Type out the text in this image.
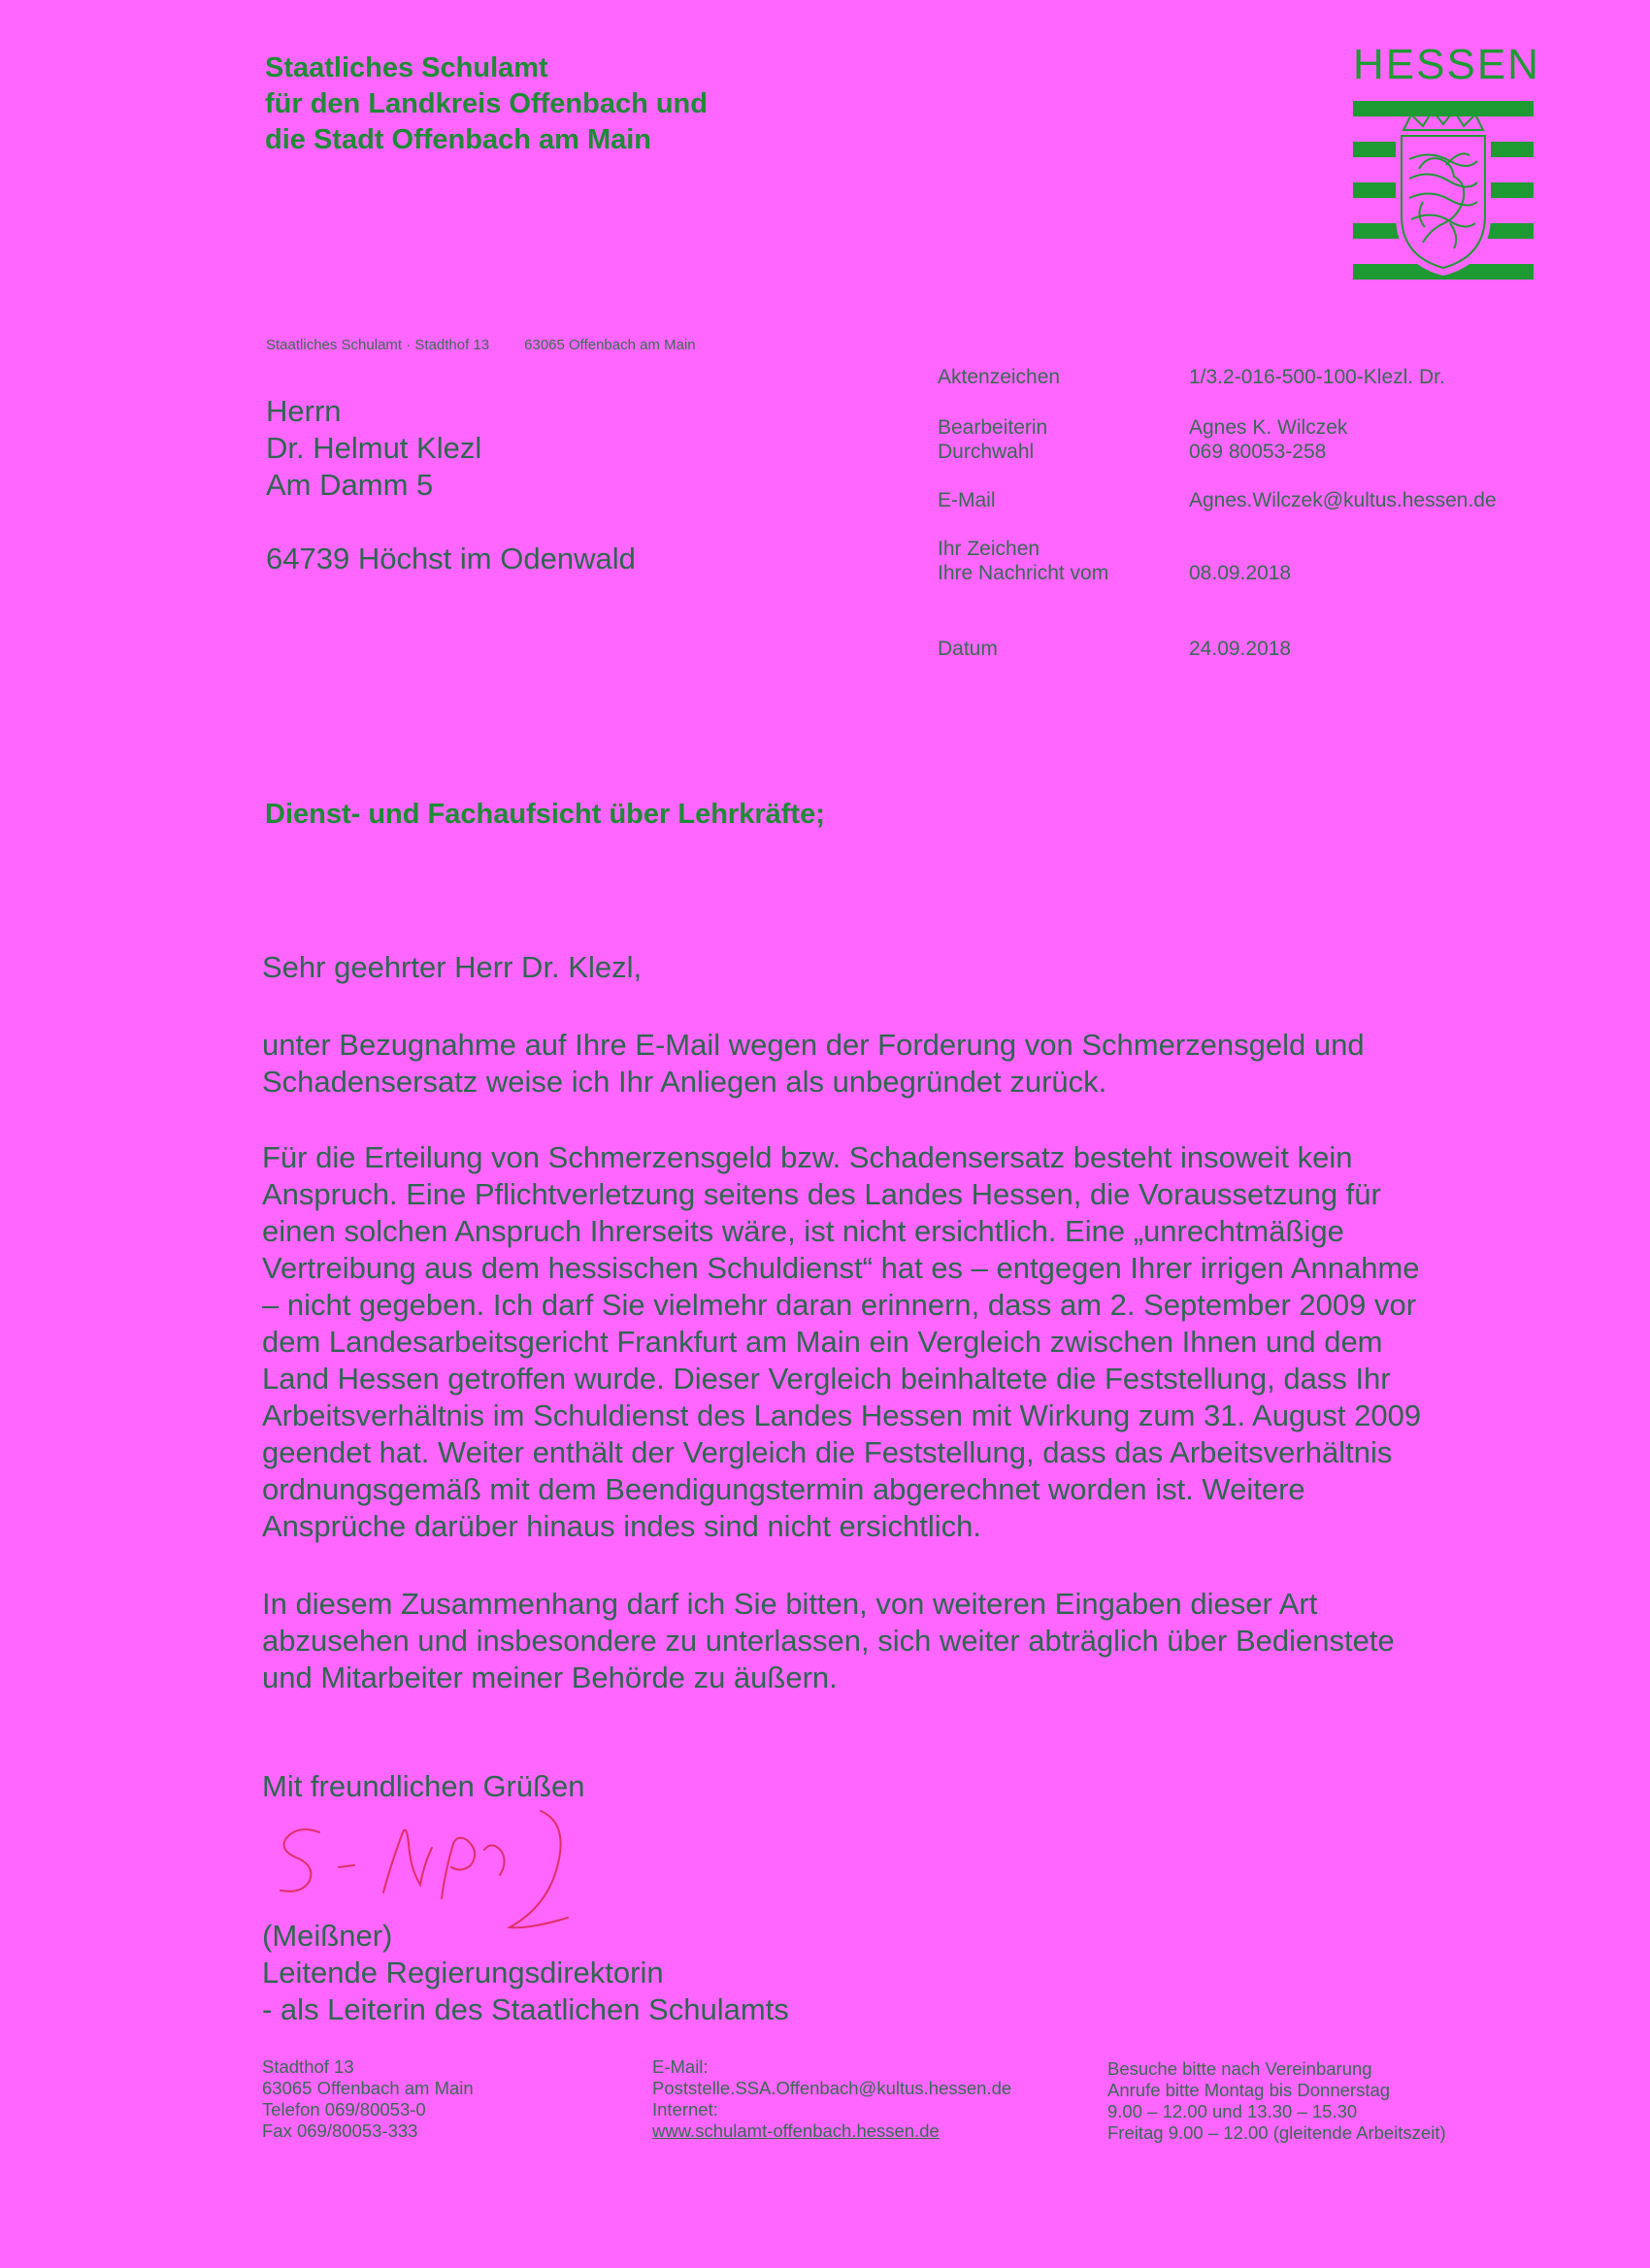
Staatliches Schulamt
für den Landkreis Offenbach und
die Stadt Offenbach am Main
HESSEN
Staatliches Schulamt · Stadthof 13 63065 Offenbach am Main
Herrn
Dr. Helmut Klezl
Am Damm 5
64739 Höchst im Odenwald
Aktenzeichen	1/3.2-016-500-100-Klezl. Dr.
Bearbeiterin	Agnes K. Wilczek
Durchwahl	069 80053-258
E-Mail	Agnes.Wilczek@kultus.hessen.de
Ihr Zeichen
Ihre Nachricht vom	08.09.2018
Datum	24.09.2018
Dienst- und Fachaufsicht über Lehrkräfte;
Sehr geehrter Herr Dr. Klezl,
unter Bezugnahme auf Ihre E-Mail wegen der Forderung von Schmerzensgeld und
Schadensersatz weise ich Ihr Anliegen als unbegründet zurück.
Für die Erteilung von Schmerzensgeld bzw. Schadensersatz besteht insoweit kein
Anspruch. Eine Pflichtverletzung seitens des Landes Hessen, die Voraussetzung für
einen solchen Anspruch Ihrerseits wäre, ist nicht ersichtlich. Eine „unrechtmäßige
Vertreibung aus dem hessischen Schuldienst“ hat es – entgegen Ihrer irrigen Annahme
– nicht gegeben. Ich darf Sie vielmehr daran erinnern, dass am 2. September 2009 vor
dem Landesarbeitsgericht Frankfurt am Main ein Vergleich zwischen Ihnen und dem
Land Hessen getroffen wurde. Dieser Vergleich beinhaltete die Feststellung, dass Ihr
Arbeitsverhältnis im Schuldienst des Landes Hessen mit Wirkung zum 31. August 2009
geendet hat. Weiter enthält der Vergleich die Feststellung, dass das Arbeitsverhältnis
ordnungsgemäß mit dem Beendigungstermin abgerechnet worden ist. Weitere
Ansprüche darüber hinaus indes sind nicht ersichtlich.
In diesem Zusammenhang darf ich Sie bitten, von weiteren Eingaben dieser Art
abzusehen und insbesondere zu unterlassen, sich weiter abträglich über Bedienstete
und Mitarbeiter meiner Behörde zu äußern.
Mit freundlichen Grüßen
(Meißner)
Leitende Regierungsdirektorin
- als Leiterin des Staatlichen Schulamts
Stadthof 13
63065 Offenbach am Main
Telefon 069/80053-0
Fax 069/80053-333
E-Mail:
Poststelle.SSA.Offenbach@kultus.hessen.de
Internet:
www.schulamt-offenbach.hessen.de
Besuche bitte nach Vereinbarung
Anrufe bitte Montag bis Donnerstag
9.00 – 12.00 und 13.30 – 15.30
Freitag 9.00 – 12.00 (gleitende Arbeitszeit)
